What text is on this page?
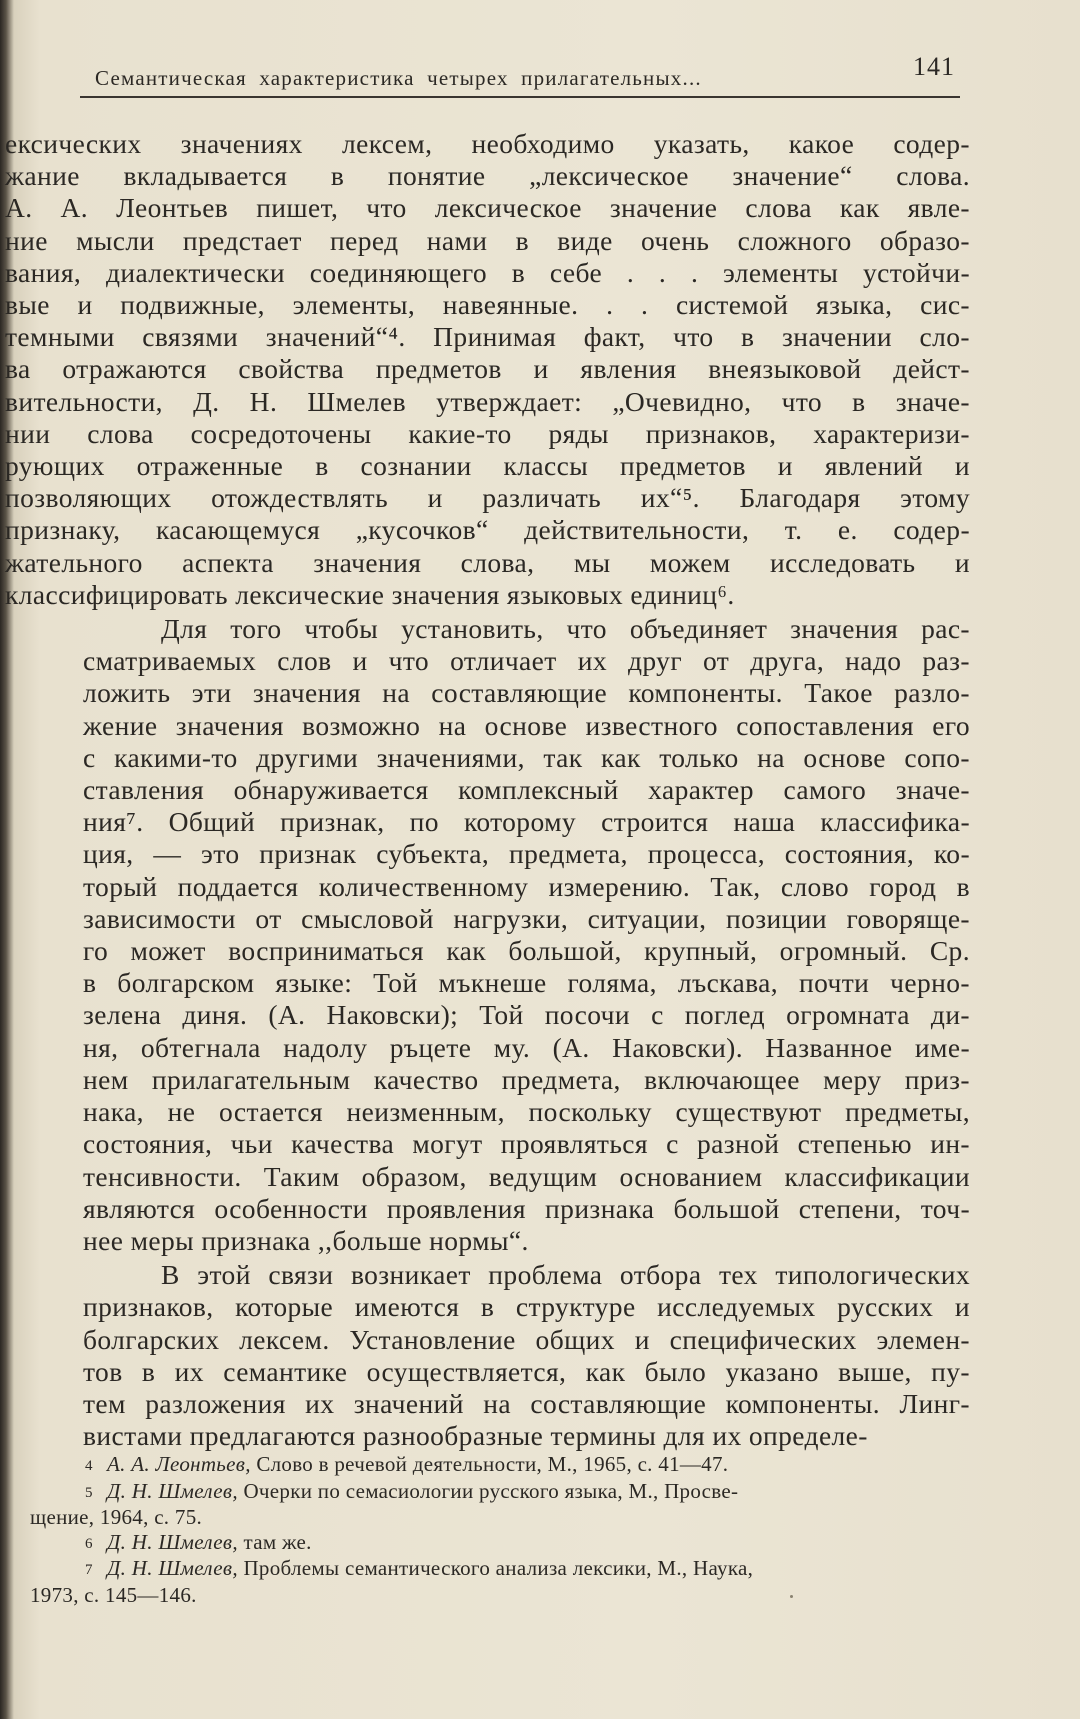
Семантическая характеристика четырех прилагательных...	141
ексических значениях лексем, необходимо указать, какое содер-
жание вкладывается в понятие „лексическое значение“ слова.
А. А. Леонтьев пишет, что лексическое значение слова как явле-
ние мысли предстает перед нами в виде очень сложного образо-
вания, диалектически соединяющего в себе . . . элементы устойчи-
вые и подвижные, элементы, навеянные. . . системой языка, сис-
темными связями значений“⁴. Принимая факт, что в значении сло-
ва отражаются свойства предметов и явления внеязыковой дейст-
вительности, Д. Н. Шмелев утверждает: „Очевидно, что в значе-
нии слова сосредоточены какие-то ряды признаков, характеризи-
рующих отраженные в сознании классы предметов и явлений и
позволяющих отождествлять и различать их“⁵. Благодаря этому
признаку, касающемуся „кусочков“ действительности, т. е. содер-
жательного аспекта значения слова, мы можем исследовать и
классифицировать лексические значения языковых единиц⁶.
Для того чтобы установить, что объединяет значения рас-
сматриваемых слов и что отличает их друг от друга, надо раз-
ложить эти значения на составляющие компоненты. Такое разло-
жение значения возможно на основе известного сопоставления его
с какими-то другими значениями, так как только на основе сопо-
ставления обнаруживается комплексный характер самого значе-
ния⁷. Общий признак, по которому строится наша классифика-
ция, — это признак субъекта, предмета, процесса, состояния, ко-
торый поддается количественному измерению. Так, слово город в
зависимости от смысловой нагрузки, ситуации, позиции говоряще-
го может восприниматься как большой, крупный, огромный. Ср.
в болгарском языке: Той мъкнеше голяма, лъскава, почти черно-
зелена диня. (А. Наковски); Той посочи с поглед огромната ди-
ня, обтегнала надолу ръцете му. (А. Наковски). Названное име-
нем прилагательным качество предмета, включающее меру приз-
нака, не остается неизменным, поскольку существуют предметы,
состояния, чьи качества могут проявляться с разной степенью ин-
тенсивности. Таким образом, ведущим основанием классификации
являются особенности проявления признака большой степени, точ-
нее меры признака ,,больше нормы“.
В этой связи возникает проблема отбора тех типологических
признаков, которые имеются в структуре исследуемых русских и
болгарских лексем. Установление общих и специфических элемен-
тов в их семантике осуществляется, как было указано выше, пу-
тем разложения их значений на составляющие компоненты. Линг-
вистами предлагаются разнообразные термины для их определе-
4 А. А. Леонтьев, Слово в речевой деятельности, М., 1965, с. 41—47.
5 Д. Н. Шмелев, Очерки по семасиологии русского языка, М., Просве-
щение, 1964, с. 75.
6 Д. Н. Шмелев, там же.
7 Д. Н. Шмелев, Проблемы семантического анализа лексики, М., Наука,
1973, с. 145—146.
